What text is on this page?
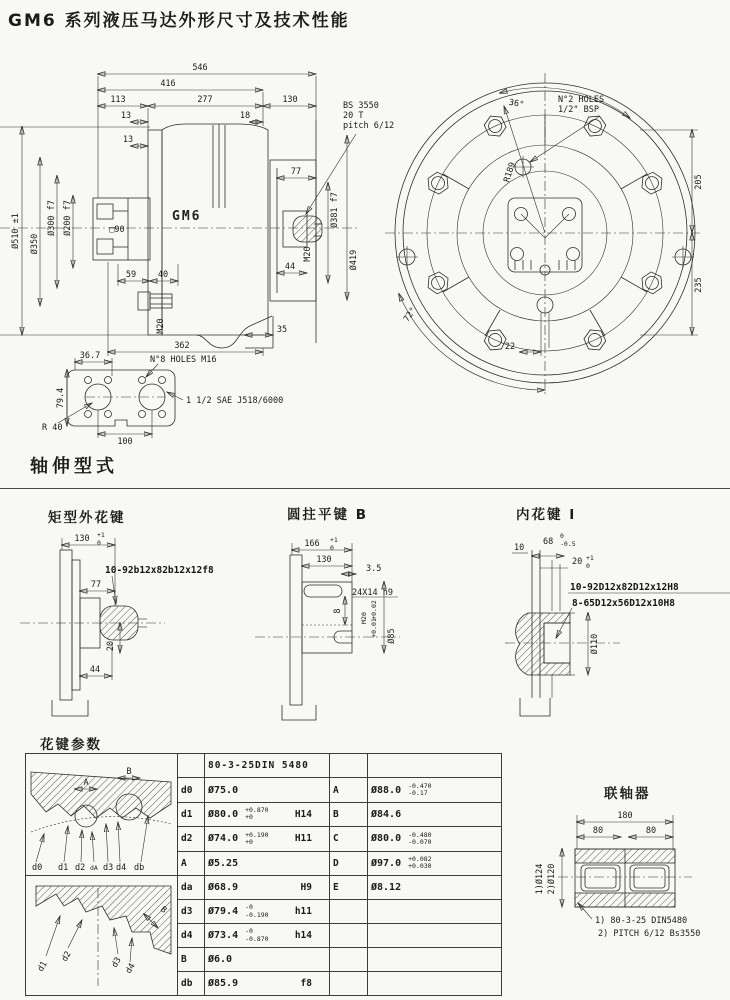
GM6 系列液压马达外形尺寸及技术性能
546
416
113	277	130
13
13
18
BS 3550
20 T
pitch 6/12
Ø510 ±1 Ø350
Ø300 f7 Ø200 f7	□90
GM6
59	40
M20
362
35
77
Ø381 f7
Ø419
M20
44
36.7	N°8 HOLES M16
79.4
R 40
100
1 1/2 SAE J518/6000
36°	N°2 HOLES
1/2" BSP
R189	205
235
72°
22
轴伸型式
矩型外花键	圆拄平键 B	内花键 I
130 +1
0
10-92b12x82b12x12f8
77
20
44
166 +1
0
130
3.5
24X14 h9
8
M20 +0.02
+0.01 Ø85
10
68
0
-0.5
20 +1
0
10-92D12x82D12x12H8
8-65D12x56D12x10H8
Ø110
花键参数
A
B
d0 d1 d2 dA d3 d4 db
		80-3-25DIN 5480		
	d0	Ø75.0	A	Ø88.0 -0.470
-0.17

	d1	Ø80.0 +0.870
+0 H14	B	Ø84.6

	d2	Ø74.0 +0.190
+0 H11	C	Ø80.0 -0.480
-0.070

	A	Ø5.25	D	Ø97.0 +0.082
+0.030

d1
d2 d3 d4
B	da	Ø68.9 H9	E	Ø8.12

	d3	Ø79.4 -0
-0.190 h11		

	d4	Ø73.4 -0
-0.870 h14		

	B	Ø6.0		

	db	Ø85.9 f8		

联轴器
180
80	80
1)Ø124 2)Ø120
1) 80-3-25 DIN5480
2) PITCH 6/12 Bs3550
